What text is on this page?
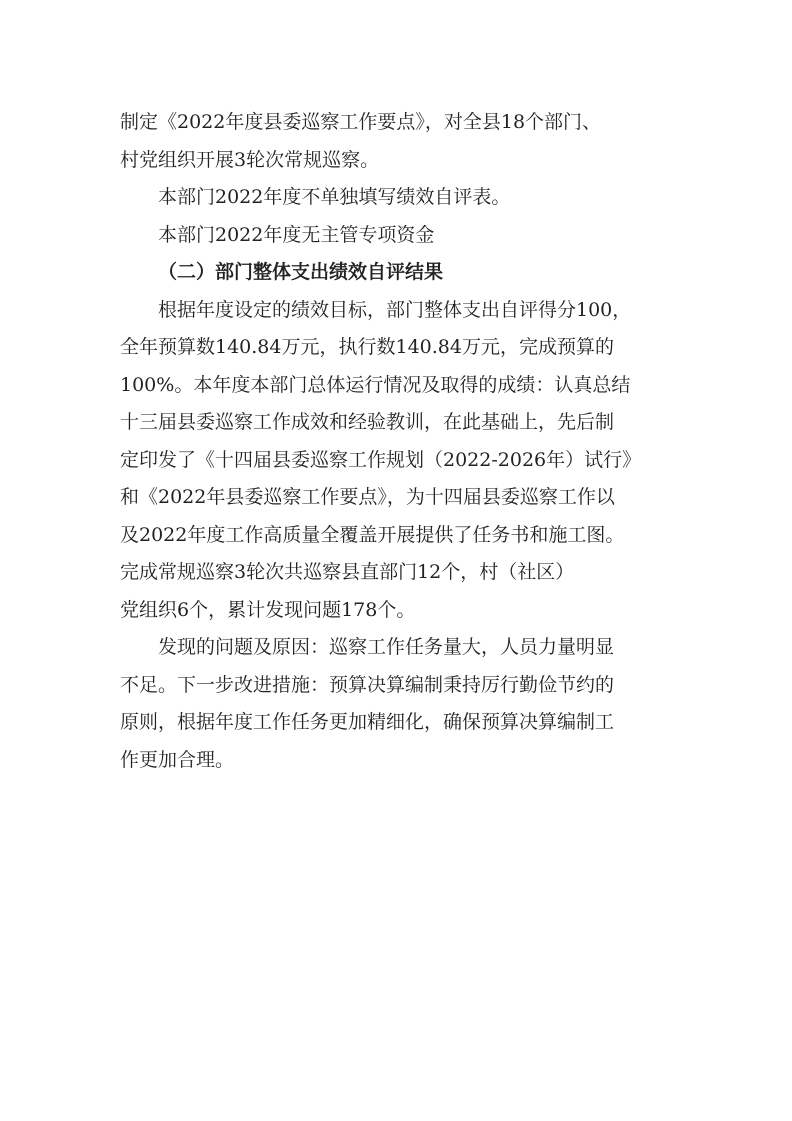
制定《2022年度县委巡察工作要点》，对全县18个部门、
村党组织开展3轮次常规巡察。
本部门2022年度不单独填写绩效自评表。
本部门2022年度无主管专项资金
（二）部门整体支出绩效自评结果
根据年度设定的绩效目标，部门整体支出自评得分100，
全年预算数140.84万元，执行数140.84万元，完成预算的
100%。本年度本部门总体运行情况及取得的成绩：认真总结
十三届县委巡察工作成效和经验教训，在此基础上，先后制
定印发了《十四届县委巡察工作规划（2022-2026年）试行》
和《2022年县委巡察工作要点》，为十四届县委巡察工作以
及2022年度工作高质量全覆盖开展提供了任务书和施工图。
完成常规巡察3轮次共巡察县直部门12个，村（社区）
党组织6个，累计发现问题178个。
发现的问题及原因：巡察工作任务量大，人员力量明显
不足。下一步改进措施：预算决算编制秉持厉行勤俭节约的
原则，根据年度工作任务更加精细化，确保预算决算编制工
作更加合理。
